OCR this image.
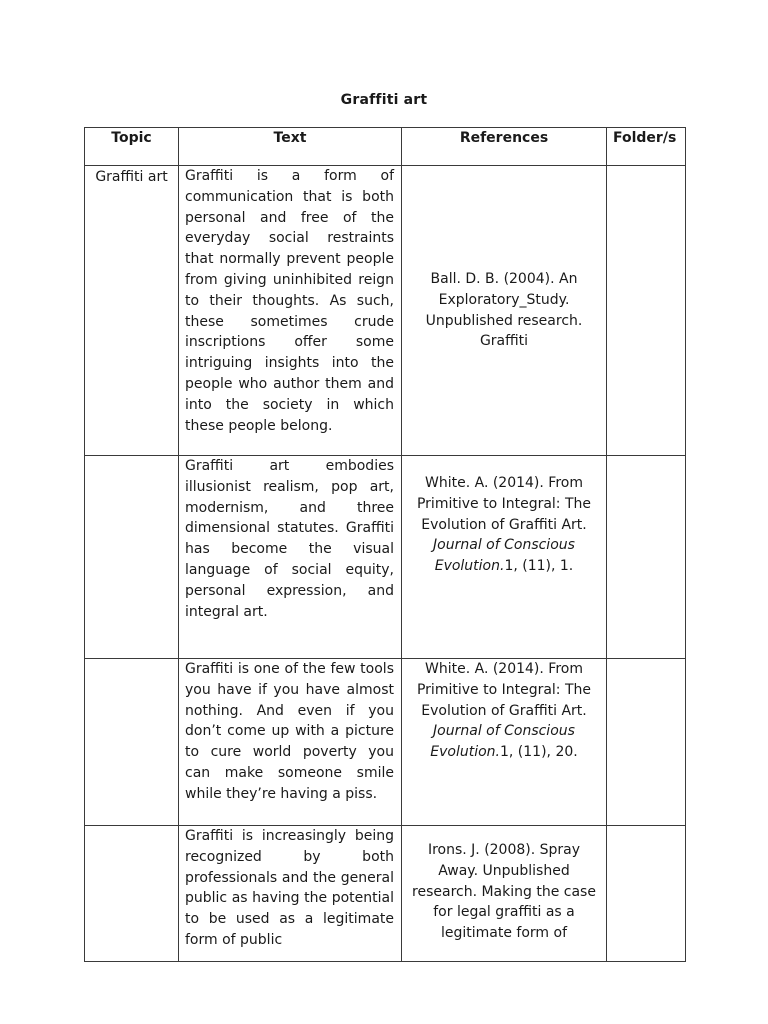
Graffiti art
Topic	Text	References	Folder/s
Graffiti art	Graffiti is a form of communication that is both personal and free of the everyday social restraints that normally prevent people from giving uninhibited reign to their thoughts. As such, these sometimes crude inscriptions offer some intriguing insights into the people who author them and into the society in which these people belong.	Ball. D. B. (2004). An Exploratory_Study. Unpublished research. Graffiti	
	Graffiti art embodies illusionist realism, pop art, modernism, and three dimensional statutes. Graffiti has become the visual language of social equity, personal expression, and integral art.	White. A. (2014). From Primitive to Integral: The Evolution of Graffiti Art. Journal of Conscious Evolution.1, (11), 1.	
	Graffiti is one of the few tools you have if you have almost nothing. And even if you don’t come up with a picture to cure world poverty you can make someone smile while they’re having a piss.	White. A. (2014). From Primitive to Integral: The Evolution of Graffiti Art. Journal of Conscious Evolution.1, (11), 20.	

	Graffiti is increasingly being recognized by both professionals and the general public as having the potential to be used as a legitimate form of public	Irons. J. (2008). Spray Away. Unpublished research. Making the case for legal graffiti as a legitimate form of	
